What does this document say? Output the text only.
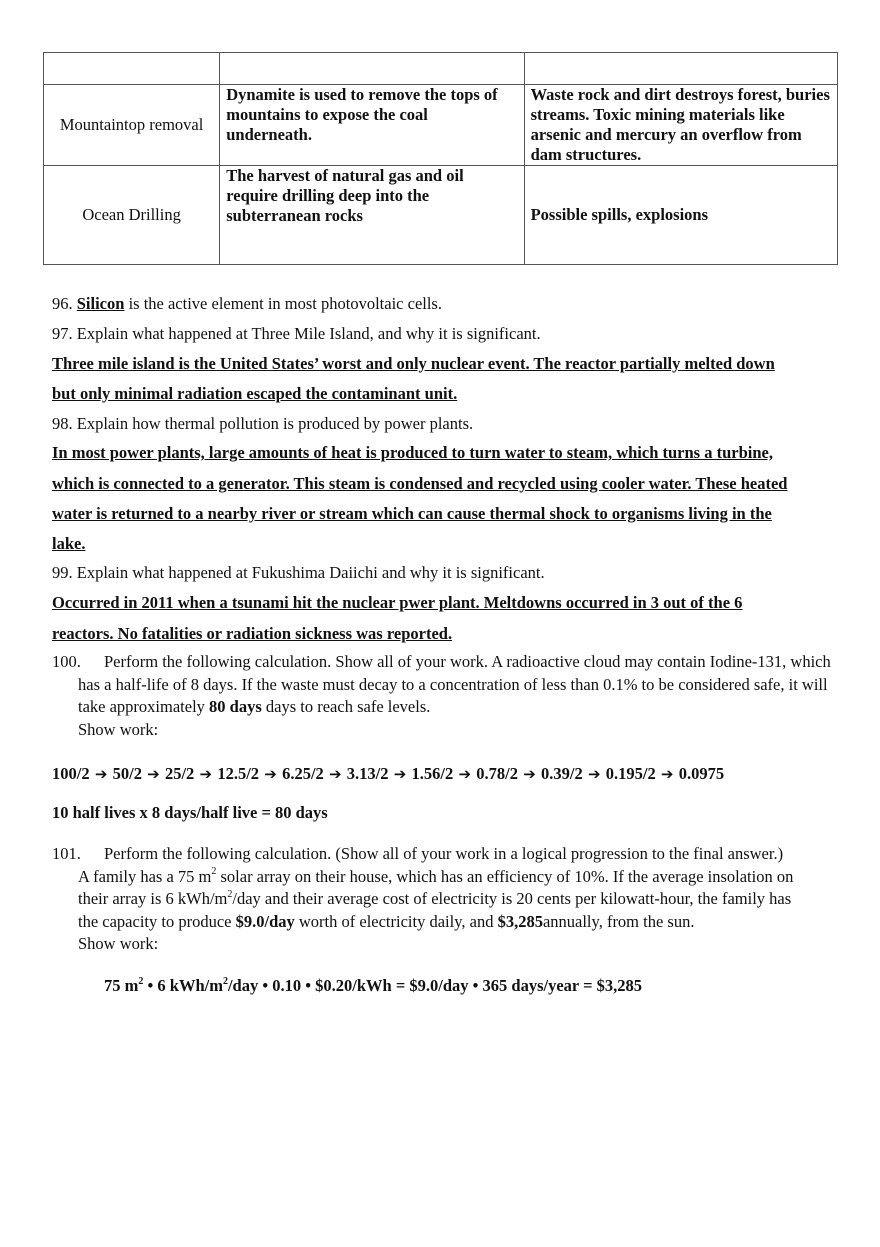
Mountaintop removal	Dynamite is used to remove the tops of mountains to expose the coal underneath.	Waste rock and dirt destroys forest, buries streams. Toxic mining materials like arsenic and mercury an overflow from dam structures.
Ocean Drilling	The harvest of natural gas and oil require drilling deep into the subterranean rocks	Possible spills, explosions
96. Silicon is the active element in most photovoltaic cells.
97. Explain what happened at Three Mile Island, and why it is significant.
Three mile island is the United States’ worst and only nuclear event. The reactor partially melted down
but only minimal radiation escaped the contaminant unit.
98. Explain how thermal pollution is produced by power plants.
In most power plants, large amounts of heat is produced to turn water to steam, which turns a turbine,
which is connected to a generator. This steam is condensed and recycled using cooler water. These heated
water is returned to a nearby river or stream which can cause thermal shock to organisms living in the
lake.
99. Explain what happened at Fukushima Daiichi and why it is significant.
Occurred in 2011 when a tsunami hit the nuclear pwer plant. Meltdowns occurred in 3 out of the 6
reactors. No fatalities or radiation sickness was reported.
100.	Perform the following calculation. Show all of your work. A radioactive cloud may contain Iodine-131, which has a half-life of 8 days. If the waste must decay to a concentration of less than 0.1% to be considered safe, it will take approximately 80 days days to reach safe levels.
Show work:
100/2 ➔ 50/2 ➔ 25/2 ➔ 12.5/2 ➔ 6.25/2 ➔ 3.13/2 ➔ 1.56/2 ➔ 0.78/2 ➔ 0.39/2 ➔ 0.195/2 ➔ 0.0975
10 half lives x 8 days/half live = 80 days
101.	Perform the following calculation. (Show all of your work in a logical progression to the final answer.)
A family has a 75 $m^2$ solar array on their house, which has an efficiency of 10%. If the average insolation on
their array is 6 kWh/$m^2$/day and their average cost of electricity is 20 cents per kilowatt-hour, the family has
the capacity to produce $9.0/day worth of electricity daily, and $3,285annually, from the sun.
Show work:
75 $m^2$ • 6 kWh/$m^2$/day • 0.10 • $0.20/kWh = $9.0/day • 365 days/year = $3,285
